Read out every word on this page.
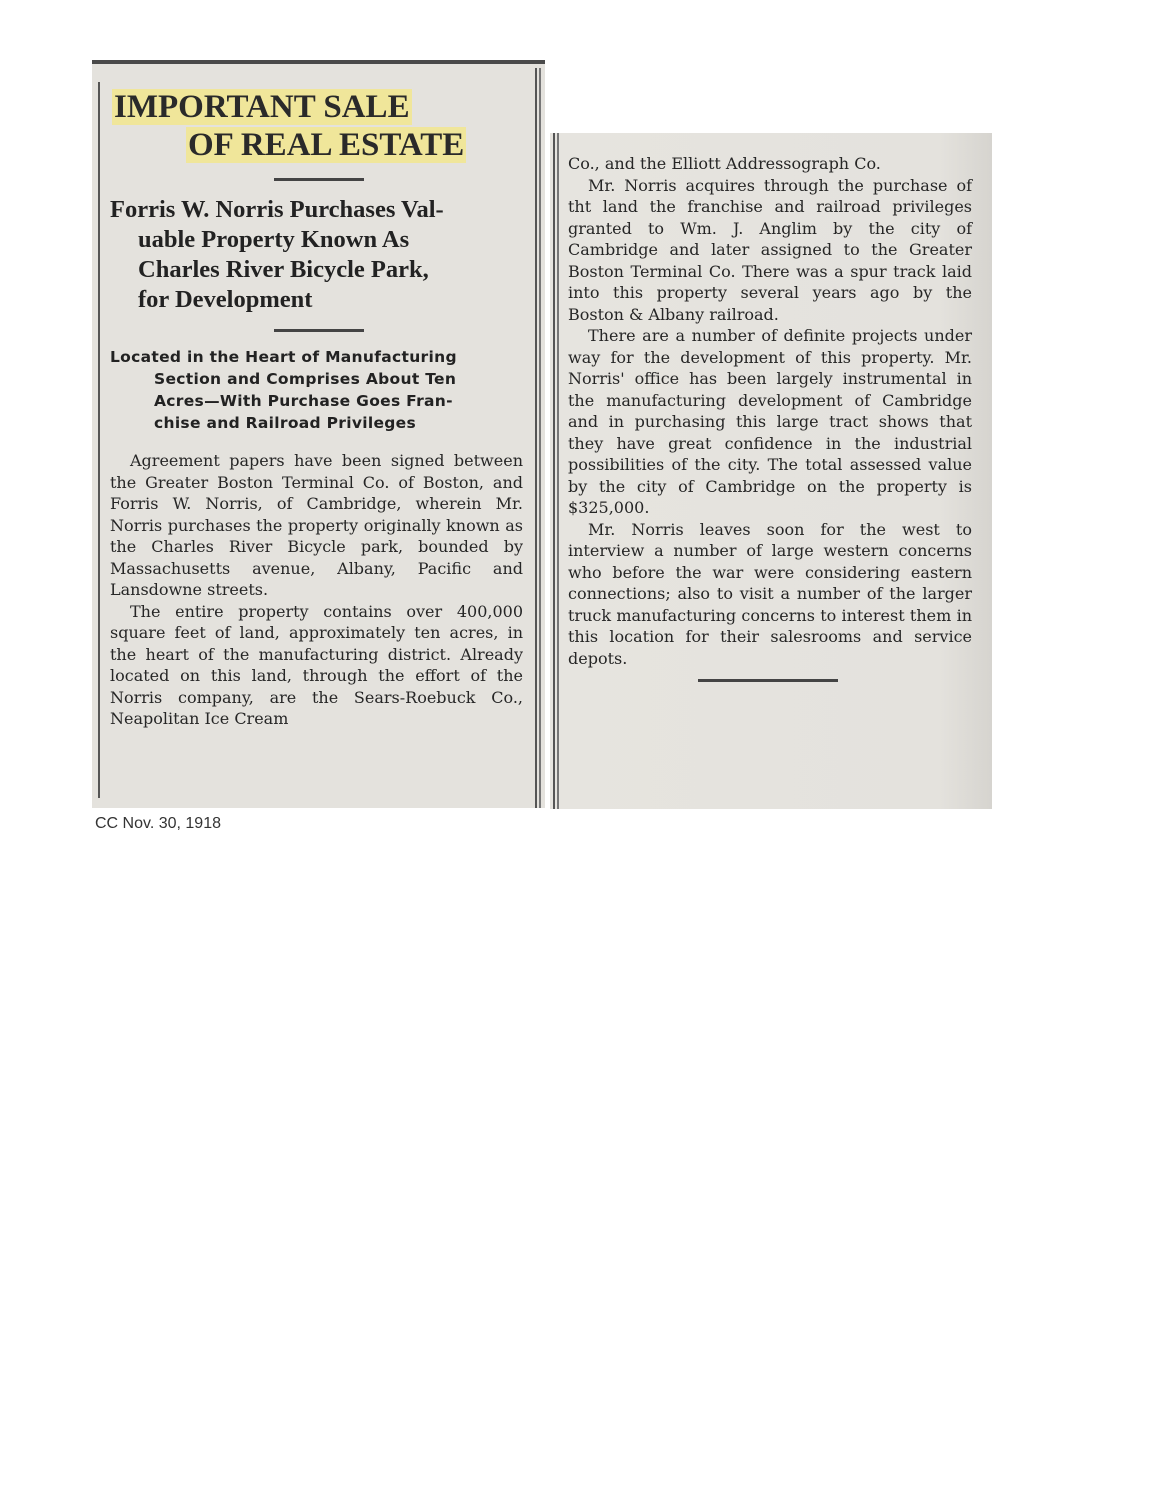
IMPORTANT SALE
OF REAL ESTATE
Forris W. Norris Purchases Val-
uable Property Known As
Charles River Bicycle Park,
for Development

Located in the Heart of Manufacturing
Section and Comprises About Ten
Acres—With Purchase Goes Fran-
chise and Railroad Privileges

Agreement papers have been signed between the Greater Boston Terminal Co. of Boston, and Forris W. Norris, of Cambridge, wherein Mr. Norris purchases the property originally known as the Charles River Bicycle park, bounded by Massachusetts avenue, Albany, Pacific and Lansdowne streets.

The entire property contains over 400,000 square feet of land, approximately ten acres, in the heart of the manufacturing district. Already located on this land, through the effort of the Norris company, are the Sears-Roebuck Co., Neapolitan Ice Cream

Co., and the Elliott Addressograph Co.

Mr. Norris acquires through the purchase of tht land the franchise and railroad privileges granted to Wm. J. Anglim by the city of Cambridge and later assigned to the Greater Boston Terminal Co. There was a spur track laid into this property several years ago by the Boston & Albany railroad.

There are a number of definite projects under way for the development of this property. Mr. Norris' office has been largely instrumental in the manufacturing development of Cambridge and in purchasing this large tract shows that they have great confidence in the industrial possibilities of the city. The total assessed value by the city of Cambridge on the property is $325,000.

Mr. Norris leaves soon for the west to interview a number of large western concerns who before the war were considering eastern connections; also to visit a number of the larger truck manufacturing concerns to interest them in this location for their salesrooms and service depots.

CC Nov. 30, 1918
